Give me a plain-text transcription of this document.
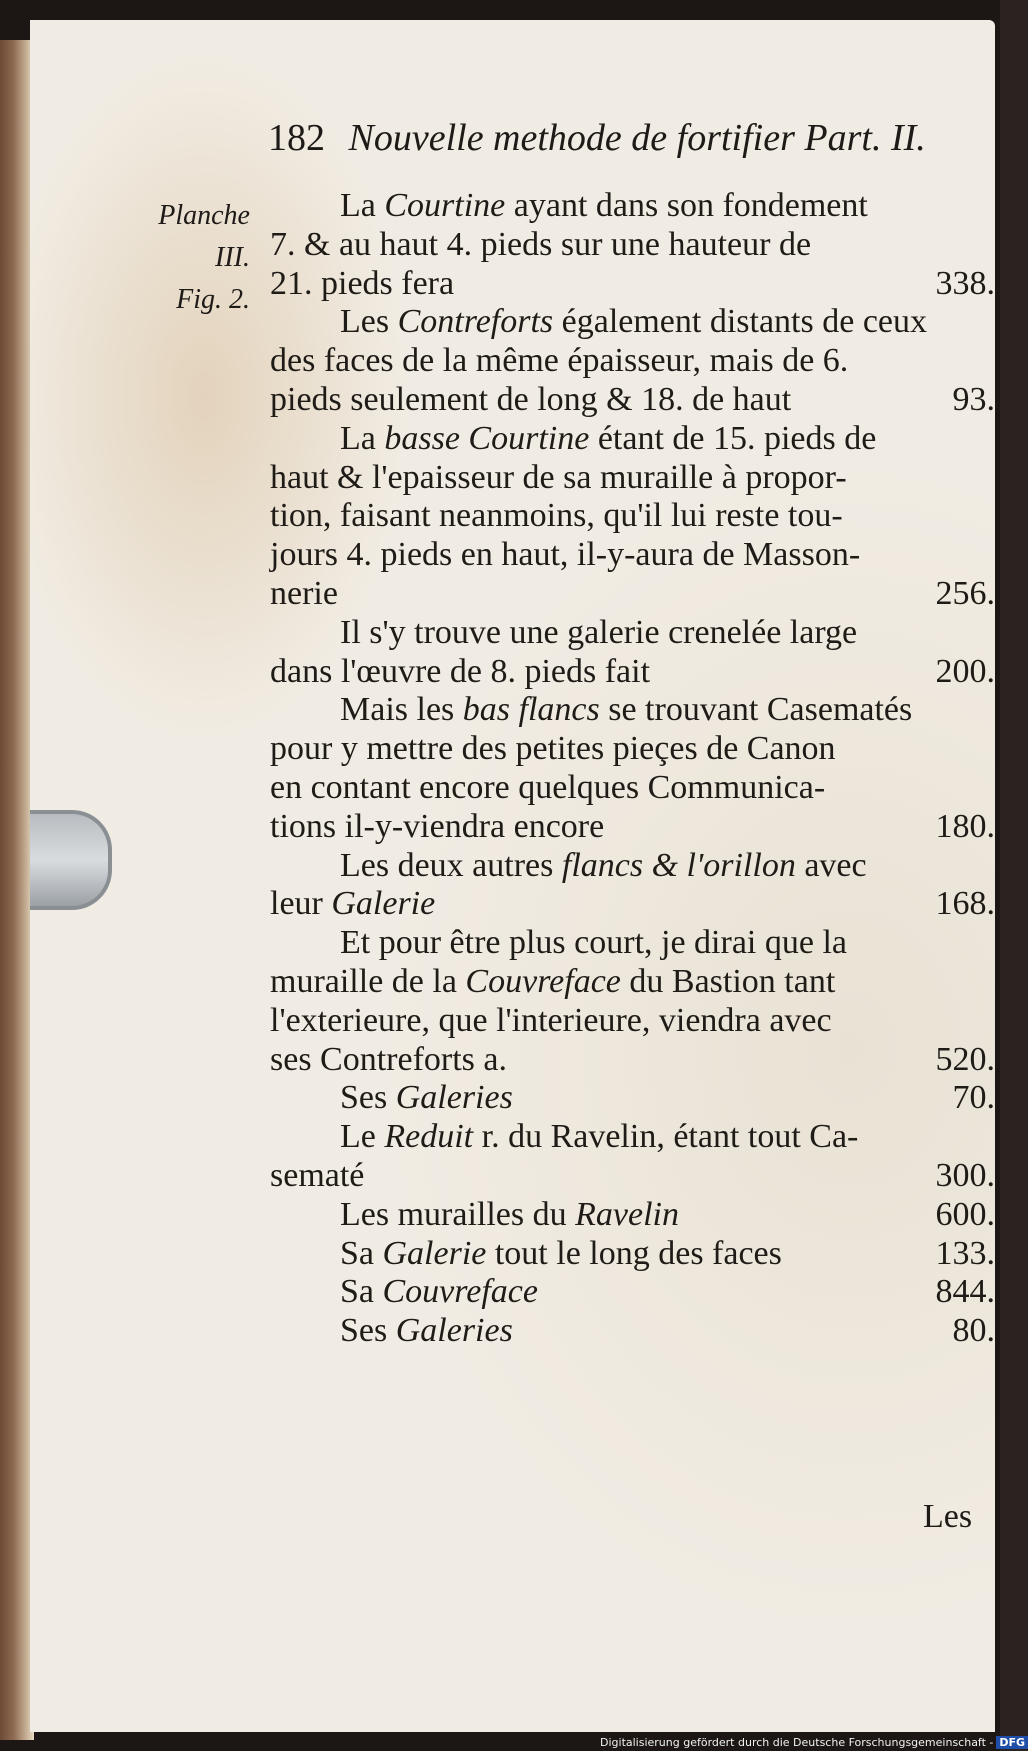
182 Nouvelle methode de fortifier Part. II.
Planche
III.
Fig. 2.
La Courtine ayant dans son fondement
7. & au haut 4. pieds sur une hauteur de
21. pieds fera	338.
Les Contreforts également distants de ceux
des faces de la même épaisseur, mais de 6.
pieds seulement de long & 18. de haut	93.
La basse Courtine étant de 15. pieds de
haut & l'epaisseur de sa muraille à propor-
tion, faisant neanmoins, qu'il lui reste tou-
jours 4. pieds en haut, il-y-aura de Masson-
nerie	256.
Il s'y trouve une galerie crenelée large
dans l'œuvre de 8. pieds fait	200.
Mais les bas flancs se trouvant Casematés
pour y mettre des petites pieçes de Canon
en contant encore quelques Communica-
tions il-y-viendra encore	180.
Les deux autres flancs & l'orillon avec
leur Galerie	168.
Et pour être plus court, je dirai que la
muraille de la Couvreface du Bastion tant
l'exterieure, que l'interieure, viendra avec
ses Contreforts a.	520.
Ses Galeries	70.
Le Reduit r. du Ravelin, étant tout Ca-
sematé	300.
Les murailles du Ravelin	600.
Sa Galerie tout le long des faces	133.
Sa Couvreface	844.
Ses Galeries	80.
Les
Digitalisierung gefördert durch die Deutsche Forschungsgemeinschaft - DFG
